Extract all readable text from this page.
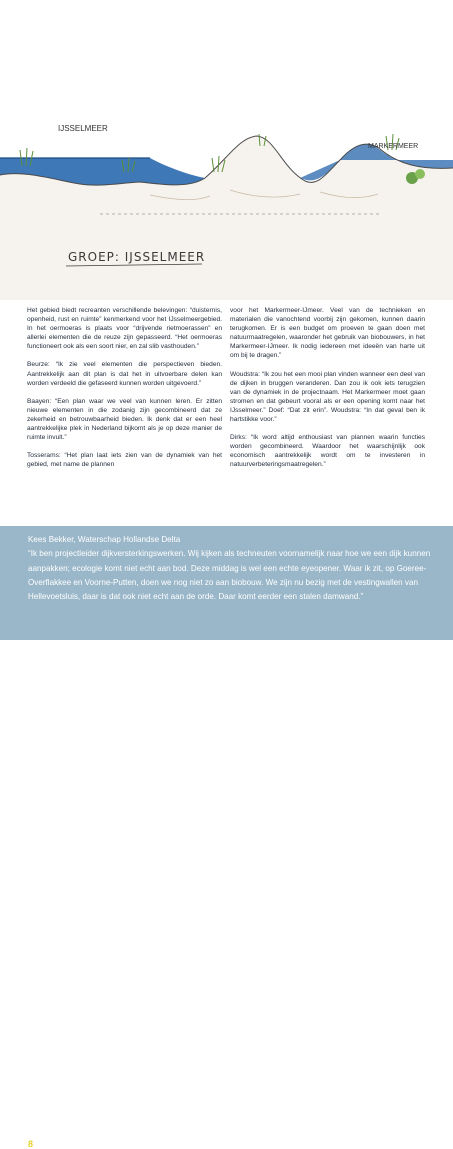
IJSSELMEER
MARKERMEER
GROEP: IJSSELMEER

Het gebied biedt recreanten verschillende belevingen: “duisternis, openheid, rust en ruimte” kenmerkend voor het IJsselmeergebied. In het oermoeras is plaats voor “drijvende rietmoerassen” en allerlei elementen die de reuze zijn gepasseerd. “Het oermoeras functioneert ook als een soort nier, en zal slib vasthouden.”

Beurze: “Ik zie veel elementen die perspectieven bieden. Aantrekkelijk aan dit plan is dat het in uitvoerbare delen kan worden verdeeld die gefaseerd kunnen worden uitgevoerd.”

Baayen: “Een plan waar we veel van kunnen leren. Er zitten nieuwe elementen in die zodanig zijn gecombineerd dat ze zekerheid en betrouwbaarheid bieden. Ik denk dat er een heel aantrekkelijke plek in Nederland bijkomt als je op deze manier de ruimte invult.”

Tosserams: “Het plan laat iets zien van de dynamiek van het gebied, met name de plannen

voor het Markermeer-IJmeer. Veel van de technieken en materialen die vanochtend voorbij zijn gekomen, kunnen daarin terugkomen. Er is een budget om proeven te gaan doen met natuurmaatregelen, waaronder het gebruik van biobouwers, in het Markermeer-IJmeer. Ik nodig iedereen met ideeën van harte uit om bij te dragen.”

Woudstra: “Ik zou het een mooi plan vinden wanneer een deel van de dijken in bruggen veranderen. Dan zou ik ook iets terugzien van de dynamiek in de projectnaam. Het Markermeer moet gaan stromen en dat gebeurt vooral als er een opening komt naar het IJsselmeer.” Doef: “Dat zit erin”. Woudstra: “In dat geval ben ik hartstikke voor.”

Dirks: “Ik word altijd enthousiast van plannen waarin functies worden gecombineerd. Waardoor het waarschijnlijk ook economisch aantrekkelijk wordt om te investeren in natuurverbeteringsmaatregelen.”

Kees Bekker, Waterschap Hollandse Delta
“Ik ben projectleider dijkversterkingswerken. Wij kijken als techneuten voornamelijk naar hoe we een dijk kunnen aanpakken; ecologie komt niet echt aan bod. Deze middag is wel een echte eyeopener. Waar ik zit, op Goeree-Overflakkee en Voorne-Putten, doen we nog niet zo aan biobouw. We zijn nu bezig met de vestingwallen van Hellevoetsluis, daar is dat ook niet echt aan de orde. Daar komt eerder een stalen damwand.”
8 Verslag WINN Symposium 29-1-2009
